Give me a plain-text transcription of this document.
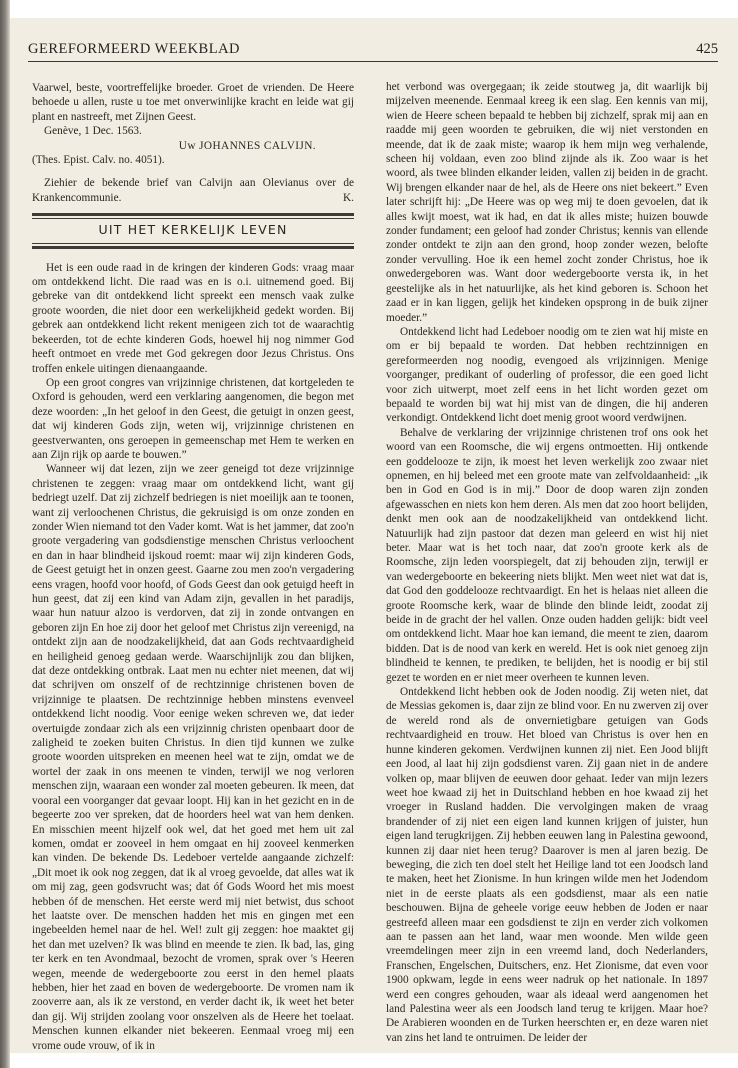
GEREFORMEERD WEEKBLAD	425

Vaarwel, beste, voortreffelijke broeder. Groet de vrienden. De Heere behoede u allen, ruste u toe met onverwinlijke kracht en leide wat gij plant en nastreeft, met Zijnen Geest.

Genève, 1 Dec. 1563.

Uw JOHANNES CALVIJN.

(Thes. Epist. Calv. no. 4051).

Ziehier de bekende brief van Calvijn aan Olevianus over de Krankencommunie.	K.

UIT HET KERKELIJK LEVEN

Het is een oude raad in de kringen der kinderen Gods: vraag maar om ontdekkend licht. Die raad was en is o.i. uitnemend goed. Bij gebreke van dit ontdekkend licht spreekt een mensch vaak zulke groote woorden, die niet door een werkelijkheid gedekt worden. Bij gebrek aan ontdekkend licht rekent menigeen zich tot de waarachtig bekeerden, tot de echte kinderen Gods, hoewel hij nog nimmer God heeft ontmoet en vrede met God gekregen door Jezus Christus. Ons troffen enkele uitingen dienaangaande.

Op een groot congres van vrijzinnige christenen, dat kortgeleden te Oxford is gehouden, werd een verklaring aangenomen, die begon met deze woorden: „In het geloof in den Geest, die getuigt in onzen geest, dat wij kinderen Gods zijn, weten wij, vrijzinnige christenen en geestverwanten, ons geroepen in gemeenschap met Hem te werken en aan Zijn rijk op aarde te bouwen.”

Wanneer wij dat lezen, zijn we zeer geneigd tot deze vrijzinnige christenen te zeggen: vraag maar om ontdekkend licht, want gij bedriegt uzelf. Dat zij zichzelf bedriegen is niet moeilijk aan te toonen, want zij verloochenen Christus, die gekruisigd is om onze zonden en zonder Wien niemand tot den Vader komt. Wat is het jammer, dat zoo'n groote vergadering van godsdienstige menschen Christus verloochent en dan in haar blindheid ijskoud roemt: maar wij zijn kinderen Gods, de Geest getuigt het in onzen geest. Gaarne zou men zoo'n vergadering eens vragen, hoofd voor hoofd, of Gods Geest dan ook getuigd heeft in hun geest, dat zij een kind van Adam zijn, gevallen in het paradijs, waar hun natuur alzoo is verdorven, dat zij in zonde ontvangen en geboren zijn En hoe zij door het geloof met Christus zijn vereenigd, na ontdekt zijn aan de noodzakelijkheid, dat aan Gods rechtvaardigheid en heiligheid genoeg gedaan werde. Waarschijnlijk zou dan blijken, dat deze ontdekking ontbrak. Laat men nu echter niet meenen, dat wij dat schrijven om onszelf of de rechtzinnige christenen boven de vrijzinnige te plaatsen. De rechtzinnige hebben minstens evenveel ontdekkend licht noodig. Voor eenige weken schreven we, dat ieder overtuigde zondaar zich als een vrijzinnig christen openbaart door de zaligheid te zoeken buiten Christus. In dien tijd kunnen we zulke groote woorden uitspreken en meenen heel wat te zijn, omdat we de wortel der zaak in ons meenen te vinden, terwijl we nog verloren menschen zijn, waaraan een wonder zal moeten gebeuren. Ik meen, dat vooral een voorganger dat gevaar loopt. Hij kan in het gezicht en in de begeerte zoo ver spreken, dat de hoorders heel wat van hem denken. En misschien meent hijzelf ook wel, dat het goed met hem uit zal komen, omdat er zooveel in hem omgaat en hij zooveel kenmerken kan vinden. De bekende Ds. Ledeboer vertelde aangaande zichzelf: „Dit moet ik ook nog zeggen, dat ik al vroeg gevoelde, dat alles wat ik om mij zag, geen godsvrucht was; dat óf Gods Woord het mis moest hebben óf de menschen. Het eerste werd mij niet betwist, dus schoot het laatste over. De menschen hadden het mis en gingen met een ingebeelden hemel naar de hel. Wel! zult gij zeggen: hoe maaktet gij het dan met uzelven? Ik was blind en meende te zien. Ik bad, las, ging ter kerk en ten Avondmaal, bezocht de vromen, sprak over 's Heeren wegen, meende de wedergeboorte zou eerst in den hemel plaats hebben, hier het zaad en boven de wedergeboorte. De vromen nam ik zooverre aan, als ik ze verstond, en verder dacht ik, ik weet het beter dan gij. Wij strijden zoolang voor onszelven als de Heere het toelaat. Menschen kunnen elkander niet bekeeren. Eenmaal vroeg mij een vrome oude vrouw, of ik in

het verbond was overgegaan; ik zeide stoutweg ja, dit waarlijk bij mijzelven meenende. Eenmaal kreeg ik een slag. Een kennis van mij, wien de Heere scheen bepaald te hebben bij zichzelf, sprak mij aan en raadde mij geen woorden te gebruiken, die wij niet verstonden en meende, dat ik de zaak miste; waarop ik hem mijn weg verhalende, scheen hij voldaan, even zoo blind zijnde als ik. Zoo waar is het woord, als twee blinden elkander leiden, vallen zij beiden in de gracht. Wij brengen elkander naar de hel, als de Heere ons niet bekeert.” Even later schrijft hij: „De Heere was op weg mij te doen gevoelen, dat ik alles kwijt moest, wat ik had, en dat ik alles miste; huizen bouwde zonder fundament; een geloof had zonder Christus; kennis van ellende zonder ontdekt te zijn aan den grond, hoop zonder wezen, belofte zonder vervulling. Hoe ik een hemel zocht zonder Christus, hoe ik onwedergeboren was. Want door wedergeboorte versta ik, in het geestelijke als in het natuurlijke, als het kind geboren is. Schoon het zaad er in kan liggen, gelijk het kindeken opsprong in de buik zijner moeder.”

Ontdekkend licht had Ledeboer noodig om te zien wat hij miste en om er bij bepaald te worden. Dat hebben rechtzinnigen en gereformeerden nog noodig, evengoed als vrijzinnigen. Menige voorganger, predikant of ouderling of professor, die een goed licht voor zich uitwerpt, moet zelf eens in het licht worden gezet om bepaald te worden bij wat hij mist van de dingen, die hij anderen verkondigt. Ontdekkend licht doet menig groot woord verdwijnen.

Behalve de verklaring der vrijzinnige christenen trof ons ook het woord van een Roomsche, die wij ergens ontmoetten. Hij ontkende een goddelooze te zijn, ik moest het leven werkelijk zoo zwaar niet opnemen, en hij beleed met een groote mate van zelfvoldaanheid: „ik ben in God en God is in mij.” Door de doop waren zijn zonden afgewasschen en niets kon hem deren. Als men dat zoo hoort belijden, denkt men ook aan de noodzakelijkheid van ontdekkend licht. Natuurlijk had zijn pastoor dat dezen man geleerd en wist hij niet beter. Maar wat is het toch naar, dat zoo'n groote kerk als de Roomsche, zijn leden voorspiegelt, dat zij behouden zijn, terwijl er van wedergeboorte en bekeering niets blijkt. Men weet niet wat dat is, dat God den goddelooze rechtvaardigt. En het is helaas niet alleen die groote Roomsche kerk, waar de blinde den blinde leidt, zoodat zij beide in de gracht der hel vallen. Onze ouden hadden gelijk: bidt veel om ontdekkend licht. Maar hoe kan iemand, die meent te zien, daarom bidden. Dat is de nood van kerk en wereld. Het is ook niet genoeg zijn blindheid te kennen, te prediken, te belijden, het is noodig er bij stil gezet te worden en er niet meer overheen te kunnen leven.

Ontdekkend licht hebben ook de Joden noodig. Zij weten niet, dat de Messias gekomen is, daar zijn ze blind voor. En nu zwerven zij over de wereld rond als de onvernietigbare getuigen van Gods rechtvaardigheid en trouw. Het bloed van Christus is over hen en hunne kinderen gekomen. Verdwijnen kunnen zij niet. Een Jood blijft een Jood, al laat hij zijn godsdienst varen. Zij gaan niet in de andere volken op, maar blijven de eeuwen door gehaat. Ieder van mijn lezers weet hoe kwaad zij het in Duitschland hebben en hoe kwaad zij het vroeger in Rusland hadden. Die vervolgingen maken de vraag brandender of zij niet een eigen land kunnen krijgen of juister, hun eigen land terugkrijgen. Zij hebben eeuwen lang in Palestina gewoond, kunnen zij daar niet heen terug? Daarover is men al jaren bezig. De beweging, die zich ten doel stelt het Heilige land tot een Joodsch land te maken, heet het Zionisme. In hun kringen wilde men het Jodendom niet in de eerste plaats als een godsdienst, maar als een natie beschouwen. Bijna de geheele vorige eeuw hebben de Joden er naar gestreefd alleen maar een godsdienst te zijn en verder zich volkomen aan te passen aan het land, waar men woonde. Men wilde geen vreemdelingen meer zijn in een vreemd land, doch Nederlanders, Franschen, Engelschen, Duitschers, enz. Het Zionisme, dat even voor 1900 opkwam, legde in eens weer nadruk op het nationale. In 1897 werd een congres gehouden, waar als ideaal werd aangenomen het land Palestina weer als een Joodsch land terug te krijgen. Maar hoe? De Arabieren woonden en de Turken heerschten er, en deze waren niet van zins het land te ontruimen. De leider der
